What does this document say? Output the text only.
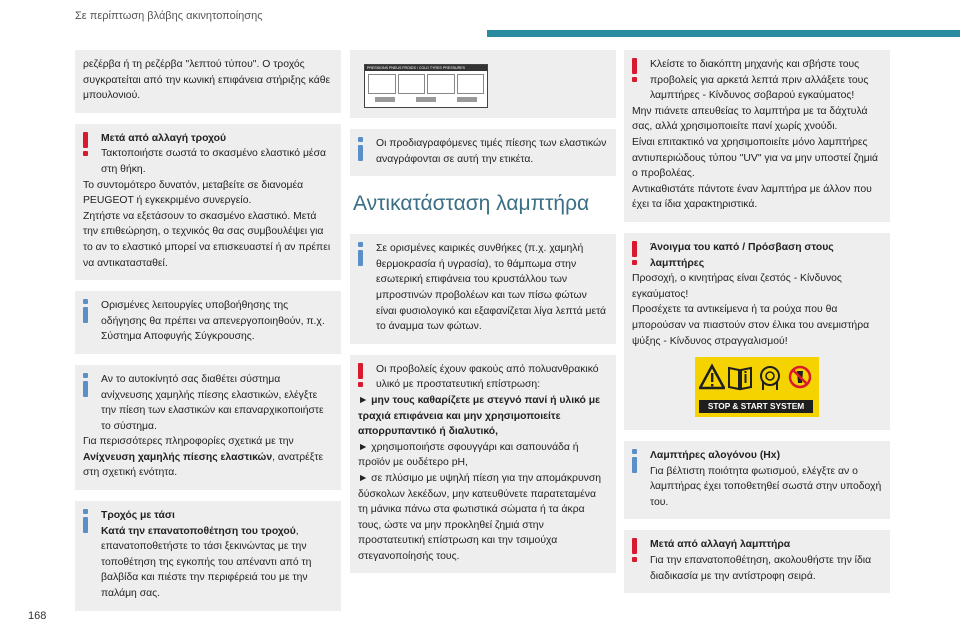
Σε περίπτωση βλάβης ακινητοποίησης

ρεζέρβα ή τη ρεζέρβα "λεπτού τύπου". Ο τροχός συγκρατείται από την κωνική επιφάνεια στήριξης κάθε μπουλονιού.

Μετά από αλλαγή τροχού

Τακτοποιήστε σωστά το σκασμένο ελαστικό μέσα στη θήκη.

Το συντομότερο δυνατόν, μεταβείτε σε διανομέα PEUGEOT ή εγκεκριμένο συνεργείο.

Ζητήστε να εξετάσουν το σκασμένο ελαστικό. Μετά την επιθεώρηση, ο τεχνικός θα σας συμβουλέψει για το αν το ελαστικό μπορεί να επισκευαστεί ή αν πρέπει να αντικατασταθεί.

Ορισμένες λειτουργίες υποβοήθησης της οδήγησης θα πρέπει να απενεργοποιηθούν, π.χ. Σύστημα Αποφυγής Σύγκρουσης.

Αν το αυτοκίνητό σας διαθέτει σύστημα ανίχνευσης χαμηλής πίεσης ελαστικών, ελέγξτε την πίεση των ελαστικών και επαναρχικοποιήστε το σύστημα.

Για περισσότερες πληροφορίες σχετικά με την
Ανίχνευση χαμηλής πίεσης ελαστικών, ανατρέξτε στη σχετική ενότητα.

Τροχός με τάσι

Κατά την επανατοποθέτηση του τροχού, επανατοποθετήστε το τάσι ξεκινώντας με την τοποθέτηση της εγκοπής του απέναντι από τη βαλβίδα και πιέστε την περιφέρειά του με την παλάμη σας.

PRESSIONS PNEUS FROIDS / COLD TYRES PRESSURES

Οι προδιαγραφόμενες τιμές πίεσης των ελαστικών αναγράφονται σε αυτή την ετικέτα.

Αντικατάσταση λαμπτήρα

Σε ορισμένες καιρικές συνθήκες (π.χ. χαμηλή θερμοκρασία ή υγρασία), το θάμπωμα στην εσωτερική επιφάνεια του κρυστάλλου των μπροστινών προβολέων και των πίσω φώτων είναι φυσιολογικό και εξαφανίζεται λίγα λεπτά μετά το άναμμα των φώτων.

Οι προβολείς έχουν φακούς από πολυανθρακικό υλικό με προστατευτική επίστρωση:

► μην τους καθαρίζετε με στεγνό πανί ή υλικό με τραχιά επιφάνεια και μην χρησιμοποιείτε απορρυπαντικό ή διαλυτικό,

► χρησιμοποιήστε σφουγγάρι και σαπουνάδα ή προϊόν με ουδέτερο pH,

► σε πλύσιμο με υψηλή πίεση για την απομάκρυνση δύσκολων λεκέδων, μην κατευθύνετε παρατεταμένα τη μάνικα πάνω στα φωτιστικά σώματα ή τα άκρα τους, ώστε να μην προκληθεί ζημιά στην προστατευτική επίστρωση και την τσιμούχα στεγανοποίησής τους.

Κλείστε το διακόπτη μηχανής και σβήστε τους προβολείς για αρκετά λεπτά πριν αλλάξετε τους λαμπτήρες - Κίνδυνος σοβαρού εγκαύματος!

Μην πιάνετε απευθείας το λαμπτήρα με τα δάχτυλά σας, αλλά χρησιμοποιείτε πανί χωρίς χνούδι.

Είναι επιτακτικό να χρησιμοποιείτε μόνο λαμπτήρες αντιυπεριώδους τύπου "UV" για να μην υποστεί ζημιά ο προβολέας.

Αντικαθιστάτε πάντοτε έναν λαμπτήρα με άλλον που έχει τα ίδια χαρακτηριστικά.

Άνοιγμα του καπό / Πρόσβαση στους λαμπτήρες

Προσοχή, ο κινητήρας είναι ζεστός - Κίνδυνος εγκαύματος!

Προσέχετε τα αντικείμενα ή τα ρούχα που θα μπορούσαν να πιαστούν στον έλικα του ανεμιστήρα ψύξης - Κίνδυνος στραγγαλισμού!

STOP & START SYSTEM

Λαμπτήρες αλογόνου (Hx)

Για βέλτιστη ποιότητα φωτισμού, ελέγξτε αν ο λαμπτήρας έχει τοποθετηθεί σωστά στην υποδοχή του.

Μετά από αλλαγή λαμπτήρα

Για την επανατοποθέτηση, ακολουθήστε την ίδια διαδικασία με την αντίστροφη σειρά.

168
